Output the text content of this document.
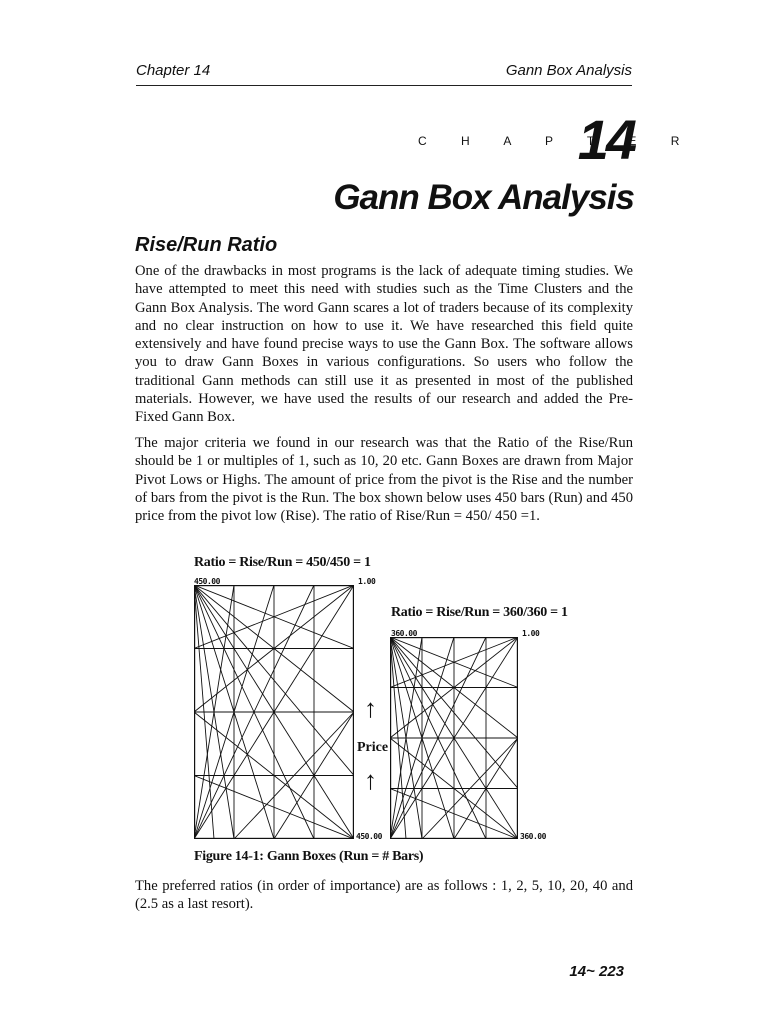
Chapter 14	Gann Box Analysis
C H A P T E R
14
Gann Box Analysis
Rise/Run Ratio

One of the drawbacks in most programs is the lack of adequate timing studies. We have attempted to meet this need with studies such as the Time Clusters and the Gann Box Analysis. The word Gann scares a lot of traders because of its complexity and no clear instruction on how to use it. We have researched this field quite extensively and have found precise ways to use the Gann Box. The software allows you to draw Gann Boxes in various configurations. So users who follow the traditional Gann methods can still use it as presented in most of the published materials. However, we have used the results of our research and added the Pre-Fixed Gann Box.

The major criteria we found in our research was that the Ratio of the Rise/Run should be 1 or multiples of 1, such as 10, 20 etc. Gann Boxes are drawn from Major Pivot Lows or Highs. The amount of price from the pivot is the Rise and the number of bars from the pivot is the Run. The box shown below uses 450 bars (Run) and 450 price from the pivot low (Rise). The ratio of Rise/Run = 450/ 450 =1.

Ratio = Rise/Run = 450/450 = 1
450.00	1.00
450.00
Ratio = Rise/Run = 360/360 = 1
360.00	1.00
360.00
↑
Price
↑
Figure 14-1: Gann Boxes (Run = # Bars)

The preferred ratios (in order of importance) are as follows : 1, 2, 5, 10, 20, 40 and (2.5 as a last resort).

14~ 223
